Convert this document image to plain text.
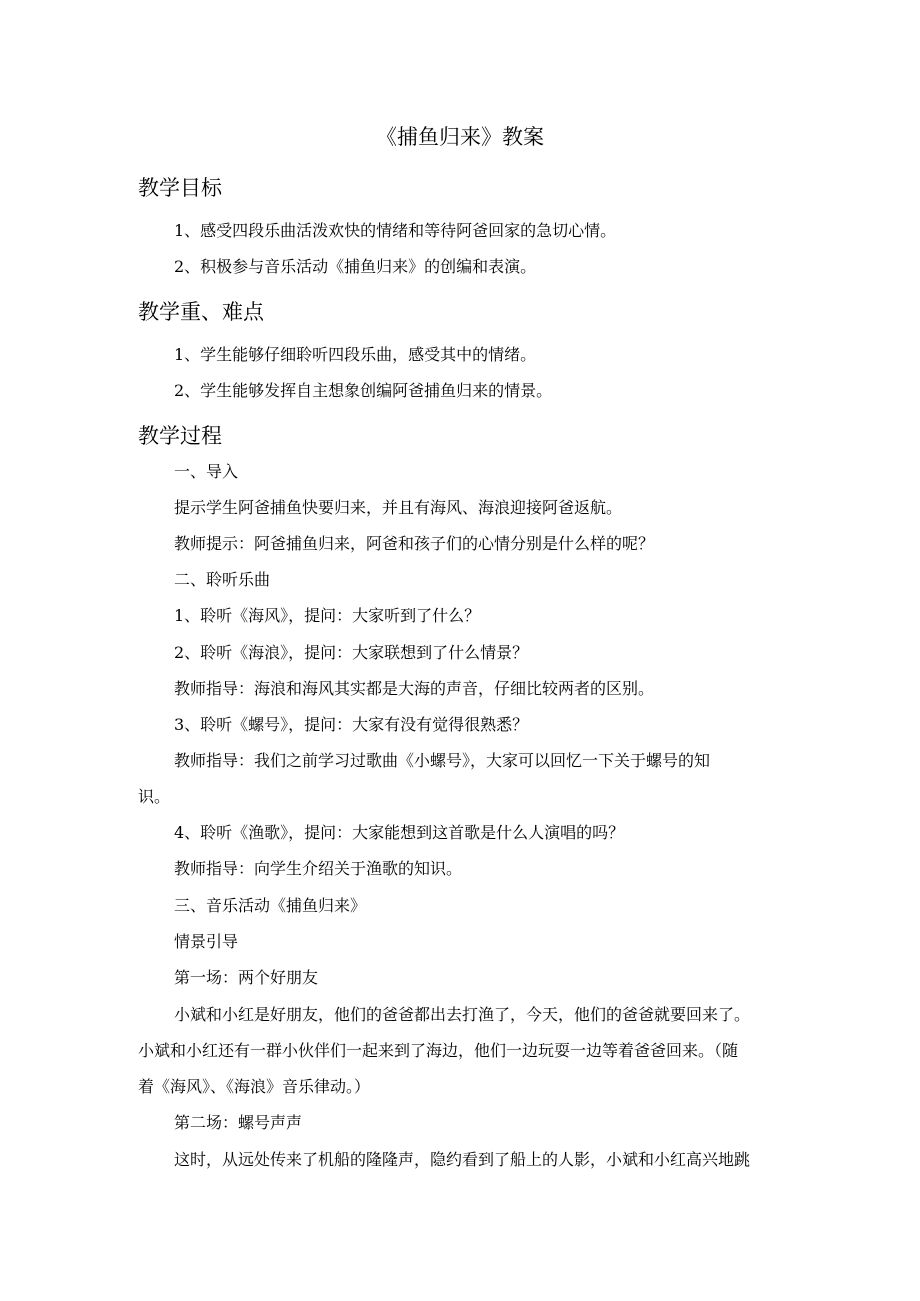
《捕鱼归来》教案
教学目标
1、感受四段乐曲活泼欢快的情绪和等待阿爸回家的急切心情。
2、积极参与音乐活动《捕鱼归来》的创编和表演。
教学重、难点
1、学生能够仔细聆听四段乐曲，感受其中的情绪。
2、学生能够发挥自主想象创编阿爸捕鱼归来的情景。
教学过程
一、导入
提示学生阿爸捕鱼快要归来，并且有海风、海浪迎接阿爸返航。
教师提示：阿爸捕鱼归来，阿爸和孩子们的心情分别是什么样的呢？
二、聆听乐曲
1、聆听《海风》，提问：大家听到了什么？
2、聆听《海浪》，提问：大家联想到了什么情景？
教师指导：海浪和海风其实都是大海的声音，仔细比较两者的区别。
3、聆听《螺号》，提问：大家有没有觉得很熟悉？
教师指导：我们之前学习过歌曲《小螺号》，大家可以回忆一下关于螺号的知
识。
4、聆听《渔歌》，提问：大家能想到这首歌是什么人演唱的吗？
教师指导：向学生介绍关于渔歌的知识。
三、音乐活动《捕鱼归来》
情景引导
第一场：两个好朋友
小斌和小红是好朋友，他们的爸爸都出去打渔了，今天，他们的爸爸就要回来了。
小斌和小红还有一群小伙伴们一起来到了海边，他们一边玩耍一边等着爸爸回来。（随
着《海风》、《海浪》音乐律动。）
第二场：螺号声声
这时，从远处传来了机船的隆隆声，隐约看到了船上的人影，小斌和小红高兴地跳
